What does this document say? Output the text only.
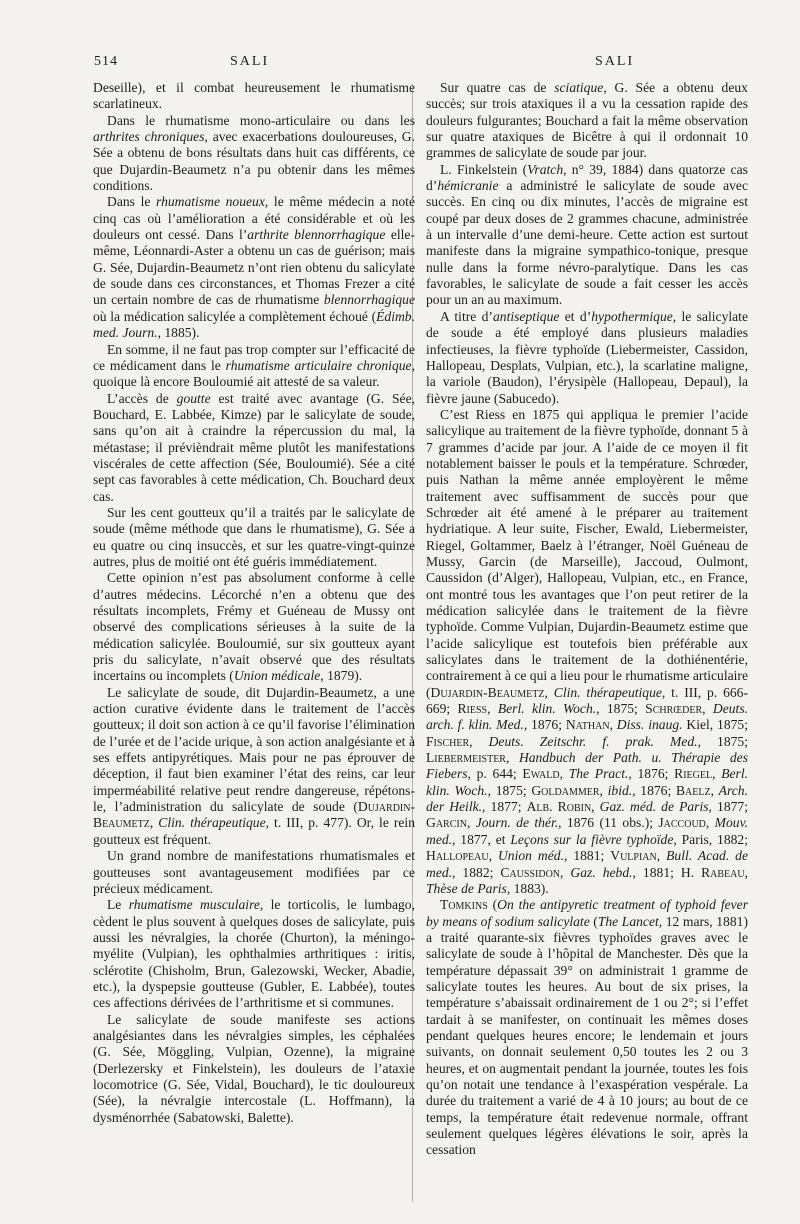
514	SALI	SALI

Deseille), et il combat heureusement le rhumatisme scarlatineux.

Dans le rhumatisme mono-articulaire ou dans les arthrites chroniques, avec exacerbations douloureuses, G. Sée a obtenu de bons résultats dans huit cas différents, ce que Dujardin-Beaumetz n’a pu obtenir dans les mêmes conditions.

Dans le rhumatisme noueux, le même médecin a noté cinq cas où l’amélioration a été considérable et où les douleurs ont cessé. Dans l’arthrite blennorrhagique elle-même, Léonnardi-Aster a obtenu un cas de guérison; mais G. Sée, Dujardin-Beaumetz n’ont rien obtenu du salicylate de soude dans ces circonstances, et Thomas Frezer a cité un certain nombre de cas de rhumatisme blennorrhagique où la médication salicylée a complètement échoué (Édimb. med. Journ., 1885).

En somme, il ne faut pas trop compter sur l’efficacité de ce médicament dans le rhumatisme articulaire chronique, quoique là encore Bouloumié ait attesté de sa valeur.

L’accès de goutte est traité avec avantage (G. Sée, Bouchard, E. Labbée, Kimze) par le salicylate de soude, sans qu’on ait à craindre la répercussion du mal, la métastase; il prévièndrait même plutôt les manifestations viscérales de cette affection (Sée, Bouloumié). Sée a cité sept cas favorables à cette médication, Ch. Bouchard deux cas.

Sur les cent goutteux qu’il a traités par le salicylate de soude (même méthode que dans le rhumatisme), G. Sée a eu quatre ou cinq insuccès, et sur les quatre-vingt-quinze autres, plus de moitié ont été guéris immédiatement.

Cette opinion n’est pas absolument conforme à celle d’autres médecins. Lécorché n’en a obtenu que des résultats incomplets, Frémy et Guéneau de Mussy ont observé des complications sérieuses à la suite de la médication salicylée. Bouloumié, sur six goutteux ayant pris du salicylate, n’avait observé que des résultats incertains ou incomplets (Union médicale, 1879).

Le salicylate de soude, dit Dujardin-Beaumetz, a une action curative évidente dans le traitement de l’accès goutteux; il doit son action à ce qu’il favorise l’élimination de l’urée et de l’acide urique, à son action analgésiante et à ses effets antipyrétiques. Mais pour ne pas éprouver de déception, il faut bien examiner l’état des reins, car leur imperméabilité relative peut rendre dangereuse, répétons-le, l’administration du salicylate de soude (Dujardin-Beaumetz, Clin. thérapeutique, t. III, p. 477). Or, le rein goutteux est fréquent.

Un grand nombre de manifestations rhumatismales et goutteuses sont avantageusement modifiées par ce précieux médicament.

Le rhumatisme musculaire, le torticolis, le lumbago, cèdent le plus souvent à quelques doses de salicylate, puis aussi les névralgies, la chorée (Churton), la méningo-myélite (Vulpian), les ophthalmies arthritiques : iritis, sclérotite (Chisholm, Brun, Galezowski, Wecker, Abadie, etc.), la dyspepsie goutteuse (Gubler, E. Labbée), toutes ces affections dérivées de l’arthritisme et si communes.

Le salicylate de soude manifeste ses actions analgésiantes dans les névralgies simples, les céphalées (G. Sée, Möggling, Vulpian, Ozenne), la migraine (Derlezersky et Finkelstein), les douleurs de l’ataxie locomotrice (G. Sée, Vidal, Bouchard), le tic douloureux (Sée), la névralgie intercostale (L. Hoffmann), la dysménorrhée (Sabatowski, Balette).

Sur quatre cas de sciatique, G. Sée a obtenu deux succès; sur trois ataxiques il a vu la cessation rapide des douleurs fulgurantes; Bouchard a fait la même observation sur quatre ataxiques de Bicêtre à qui il ordonnait 10 grammes de salicylate de soude par jour.

L. Finkelstein (Vratch, n° 39, 1884) dans quatorze cas d’hémicranie a administré le salicylate de soude avec succès. En cinq ou dix minutes, l’accès de migraine est coupé par deux doses de 2 grammes chacune, administrée à un intervalle d’une demi-heure. Cette action est surtout manifeste dans la migraine sympathico-tonique, presque nulle dans la forme névro-paralytique. Dans les cas favorables, le salicylate de soude a fait cesser les accès pour un an au maximum.

A titre d’antiseptique et d’hypothermique, le salicylate de soude a été employé dans plusieurs maladies infectieuses, la fièvre typhoïde (Liebermeister, Cassidon, Hallopeau, Desplats, Vulpian, etc.), la scarlatine maligne, la variole (Baudon), l’érysipèle (Hallopeau, Depaul), la fièvre jaune (Sabucedo).

C’est Riess en 1875 qui appliqua le premier l’acide salicylique au traitement de la fièvre typhoïde, donnant 5 à 7 grammes d’acide par jour. A l’aide de ce moyen il fit notablement baisser le pouls et la température. Schrœder, puis Nathan la même année employèrent le même traitement avec suffisamment de succès pour que Schrœder ait été amené à le préparer au traitement hydriatique. A leur suite, Fischer, Ewald, Liebermeister, Riegel, Goltammer, Baelz à l’étranger, Noël Guéneau de Mussy, Garcin (de Marseille), Jaccoud, Oulmont, Caussidon (d’Alger), Hallopeau, Vulpian, etc., en France, ont montré tous les avantages que l’on peut retirer de la médication salicylée dans le traitement de la fièvre typhoïde. Comme Vulpian, Dujardin-Beaumetz estime que l’acide salicylique est toutefois bien préférable aux salicylates dans le traitement de la dothiénentérie, contrairement à ce qui a lieu pour le rhumatisme articulaire (Dujardin-Beaumetz, Clin. thérapeutique, t. III, p. 666-669; Riess, Berl. klin. Woch., 1875; Schrœder, Deuts. arch. f. klin. Med., 1876; Nathan, Diss. inaug. Kiel, 1875; Fischer, Deuts. Zeitschr. f. prak. Med., 1875; Liebermeister, Handbuch der Path. u. Thérapie des Fiebers, p. 644; Ewald, The Pract., 1876; Riegel, Berl. klin. Woch., 1875; Goldammer, ibid., 1876; Baelz, Arch. der Heilk., 1877; Alb. Robin, Gaz. méd. de Paris, 1877; Garcin, Journ. de thér., 1876 (11 obs.); Jaccoud, Mouv. med., 1877, et Leçons sur la fièvre typhoïde, Paris, 1882; Hallopeau, Union méd., 1881; Vulpian, Bull. Acad. de med., 1882; Caussidon, Gaz. hebd., 1881; H. Rabeau, Thèse de Paris, 1883).

Tomkins (On the antipyretic treatment of typhoid fever by means of sodium salicylate (The Lancet, 12 mars, 1881) a traité quarante-six fièvres typhoïdes graves avec le salicylate de soude à l’hôpital de Manchester. Dès que la température dépassait 39° on administrait 1 gramme de salicylate toutes les heures. Au bout de six prises, la température s’abaissait ordinairement de 1 ou 2°; si l’effet tardait à se manifester, on continuait les mêmes doses pendant quelques heures encore; le lendemain et jours suivants, on donnait seulement 0,50 toutes les 2 ou 3 heures, et on augmentait pendant la journée, toutes les fois qu’on notait une tendance à l’exaspération vespérale. La durée du traitement a varié de 4 à 10 jours; au bout de ce temps, la température était redevenue normale, offrant seulement quelques légères élévations le soir, après la cessation
